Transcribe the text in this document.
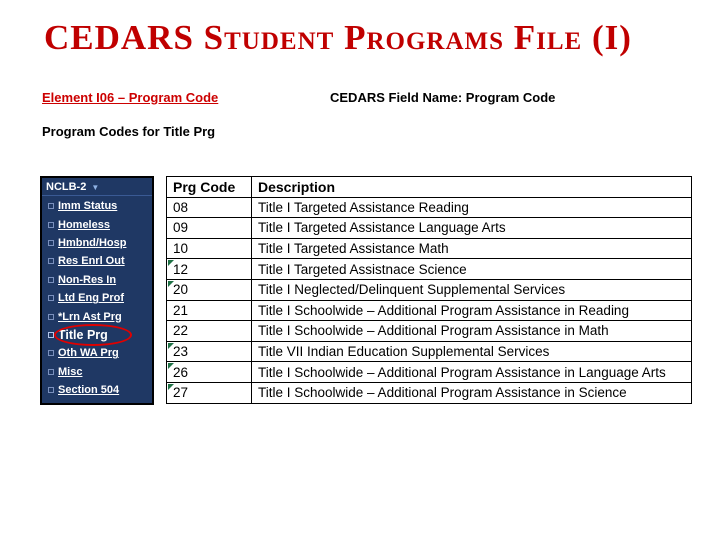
CEDARS Student Programs File (I)
Element I06 – Program Code	CEDARS Field Name: Program Code
Program Codes for Title Prg
NCLB-2 ▼
Imm Status
Homeless
Hmbnd/Hosp
Res Enrl Out
Non-Res In
Ltd Eng Prof
*Lrn Ast Prg
Title Prg
Oth WA Prg
Misc
Section 504
Prg Code	Description
08	Title I Targeted Assistance Reading
09	Title I Targeted Assistance Language Arts
10	Title I Targeted Assistance Math

12	Title I Targeted Assistnace Science

20	Title I Neglected/Delinquent Supplemental Services
21	Title I Schoolwide – Additional Program Assistance in Reading
22	Title I Schoolwide – Additional Program Assistance in Math

23	Title VII Indian Education Supplemental Services

26	Title I Schoolwide – Additional Program Assistance in Language Arts

27	Title I Schoolwide – Additional Program Assistance in Science
